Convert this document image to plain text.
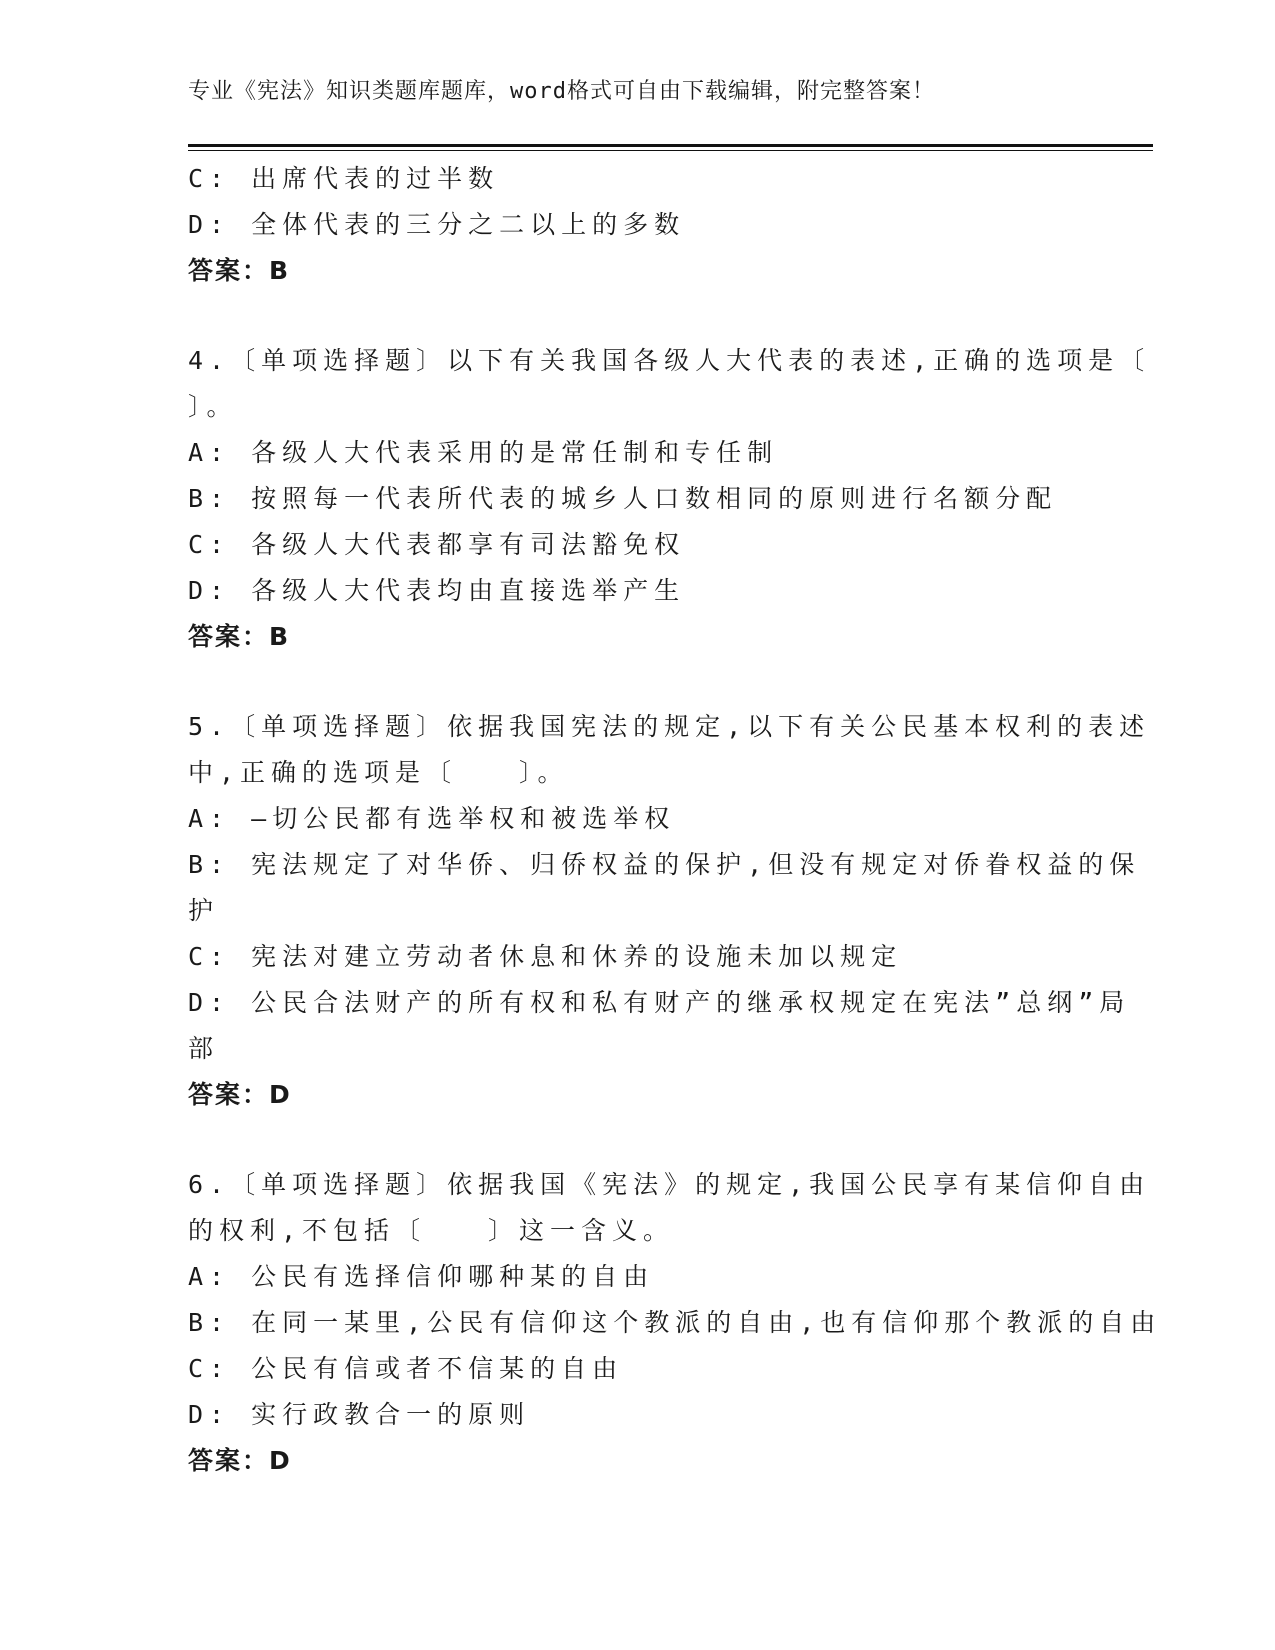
专业《宪法》知识类题库题库，word格式可自由下载编辑，附完整答案！
C: 出席代表的过半数
D: 全体代表的三分之二以上的多数
答案：B
4.〔单项选择题〕以下有关我国各级人大代表的表述,正确的选项是〔
〕。
A: 各级人大代表采用的是常任制和专任制
B: 按照每一代表所代表的城乡人口数相同的原则进行名额分配
C: 各级人大代表都享有司法豁免权
D: 各级人大代表均由直接选举产生
答案：B
5.〔单项选择题〕依据我国宪法的规定,以下有关公民基本权利的表述
中,正确的选项是〔　　〕。
A: —切公民都有选举权和被选举权
B: 宪法规定了对华侨、归侨权益的保护,但没有规定对侨眷权益的保
护
C: 宪法对建立劳动者休息和休养的设施未加以规定
D: 公民合法财产的所有权和私有财产的继承权规定在宪法”总纲”局
部
答案：D
6.〔单项选择题〕依据我国《宪法》的规定,我国公民享有某信仰自由
的权利,不包括〔　　〕这一含义。
A: 公民有选择信仰哪种某的自由
B: 在同一某里,公民有信仰这个教派的自由,也有信仰那个教派的自由
C: 公民有信或者不信某的自由
D: 实行政教合一的原则
答案：D
